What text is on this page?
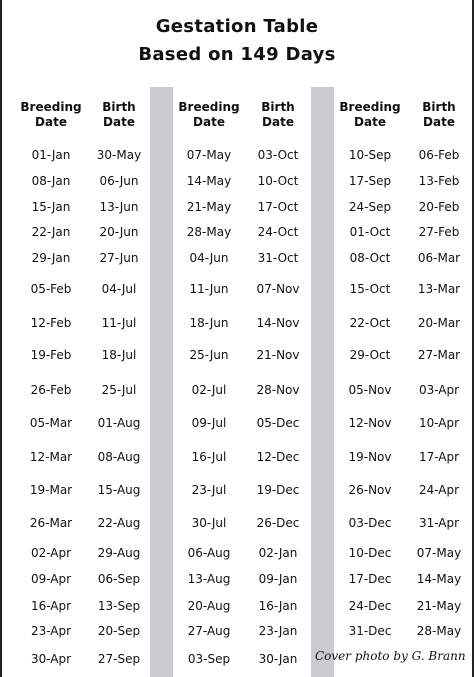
Gestation Table
Based on 149 Days
Breeding
Date
Birth
Date
01-Jan
08-Jan
15-Jan
22-Jan
29-Jan
05-Feb
12-Feb
19-Feb
26-Feb
05-Mar
12-Mar
19-Mar
26-Mar
02-Apr
09-Apr
16-Apr
23-Apr
30-Apr
30-May
06-Jun
13-Jun
20-Jun
27-Jun
04-Jul
11-Jul
18-Jul
25-Jul
01-Aug
08-Aug
15-Aug
22-Aug
29-Aug
06-Sep
13-Sep
20-Sep
27-Sep
Breeding
Date
Birth
Date
07-May
14-May
21-May
28-May
04-Jun
11-Jun
18-Jun
25-Jun
02-Jul
09-Jul
16-Jul
23-Jul
30-Jul
06-Aug
13-Aug
20-Aug
27-Aug
03-Sep
03-Oct
10-Oct
17-Oct
24-Oct
31-Oct
07-Nov
14-Nov
21-Nov
28-Nov
05-Dec
12-Dec
19-Dec
26-Dec
02-Jan
09-Jan
16-Jan
23-Jan
30-Jan
Breeding
Date
Birth
Date
10-Sep
17-Sep
24-Sep
01-Oct
08-Oct
15-Oct
22-Oct
29-Oct
05-Nov
12-Nov
19-Nov
26-Nov
03-Dec
10-Dec
17-Dec
24-Dec
31-Dec
06-Feb
13-Feb
20-Feb
27-Feb
06-Mar
13-Mar
20-Mar
27-Mar
03-Apr
10-Apr
17-Apr
24-Apr
31-Apr
07-May
14-May
21-May
28-May
Cover photo by G. Brann
